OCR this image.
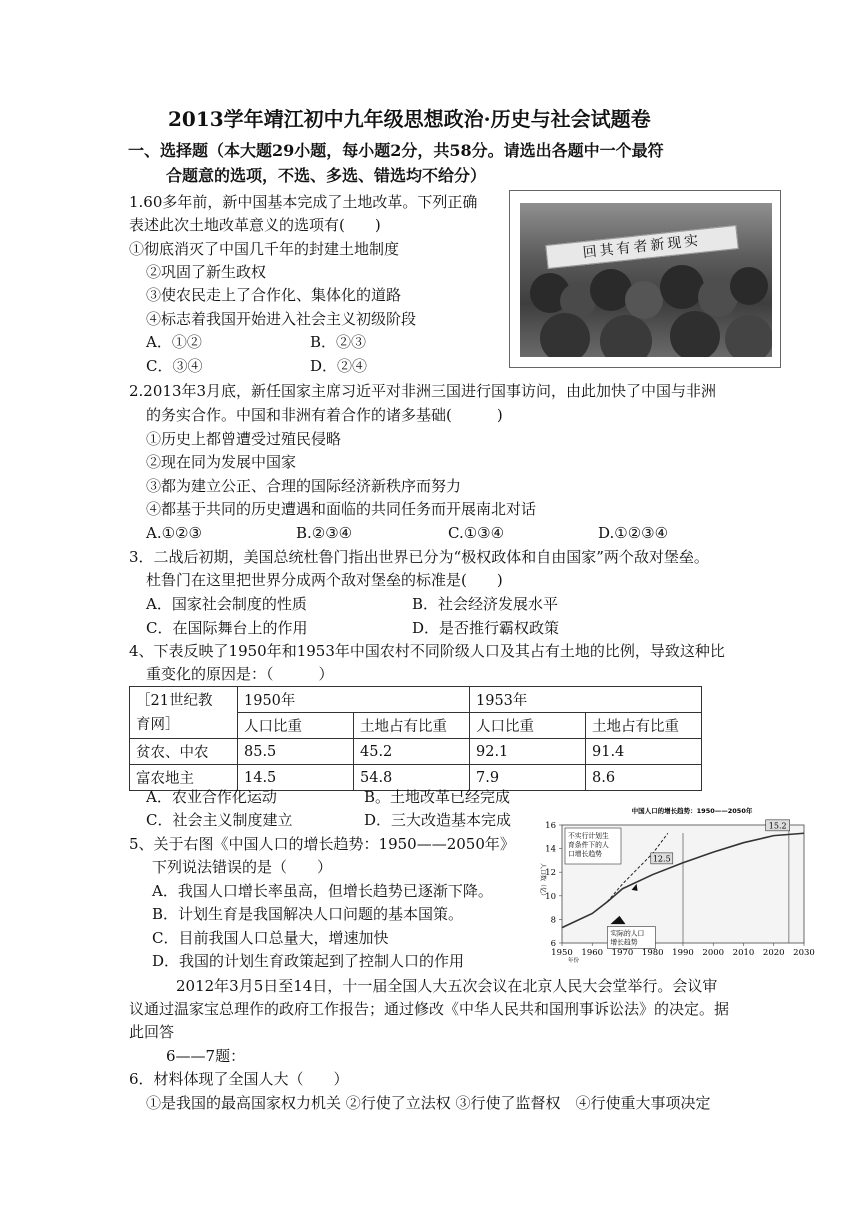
2013学年靖江初中九年级思想政治·历史与社会试题卷
一、选择题（本大题29小题，每小题2分，共58分。请选出各题中一个最符
合题意的选项，不选、多选、错选均不给分）
1.60多年前，新中国基本完成了土地改革。下列正确
表述此次土地改革意义的选项有(　　)
①彻底消灭了中国几千年的封建土地制度
②巩固了新生政权
③使农民走上了合作化、集体化的道路
④标志着我国开始进入社会主义初级阶段
A．①②	B．②③
C．③④	D．②④
回其有者新现实
2.2013年3月底，新任国家主席习近平对非洲三国进行国事访问，由此加快了中国与非洲
的务实合作。中国和非洲有着合作的诸多基础(　　　)
①历史上都曾遭受过殖民侵略
②现在同为发展中国家
③都为建立公正、合理的国际经济新秩序而努力
④都基于共同的历史遭遇和面临的共同任务而开展南北对话
A.①②③	B.②③④	C.①③④	D.①②③④
3．二战后初期，美国总统杜鲁门指出世界已分为“极权政体和自由国家”两个敌对堡垒。
杜鲁门在这里把世界分成两个敌对堡垒的标准是(　　)
A．国家社会制度的性质	B．社会经济发展水平
C．在国际舞台上的作用	D．是否推行霸权政策
4、下表反映了1950年和1953年中国农村不同阶级人口及其占有土地的比例，导致这种比
重变化的原因是：（　　　）
［21世纪教
育网］	1950年		1953年	
	人口比重	土地占有比重	人口比重	土地占有比重
贫农、中农	85.5	45.2	92.1	91.4
富农地主	14.5	54.8	7.9	8.6
A．农业合作化运动	B。土地改革已经完成
C．社会主义制度建立	D．三大改造基本完成
5、关于右图《中国人口的增长趋势：1950——2050年》
下列说法错误的是（　　）
A．我国人口增长率虽高，但增长趋势已逐渐下降。
B．计划生育是我国解决人口问题的基本国策。
C．目前我国人口总量大，增速加快
D．我国的计划生育政策起到了控制人口的作用
中国人口的增长趋势：1950——2050年
6
8
10
12
14
16
1950 1960 1970 1980 1990 2000 2010 2020 2030
年份
人口数（亿）
12.5
15.2
不实行计划生
育条件下的人
口增长趋势
实际的人口
增长趋势
2012年3月5日至14日，十一届全国人大五次会议在北京人民大会堂举行。会议审
议通过温家宝总理作的政府工作报告；通过修改《中华人民共和国刑事诉讼法》的决定。据
此回答
6——7题：
6．材料体现了全国人大（　　）
①是我国的最高国家权力机关 ②行使了立法权 ③行使了监督权　④行使重大事项决定
